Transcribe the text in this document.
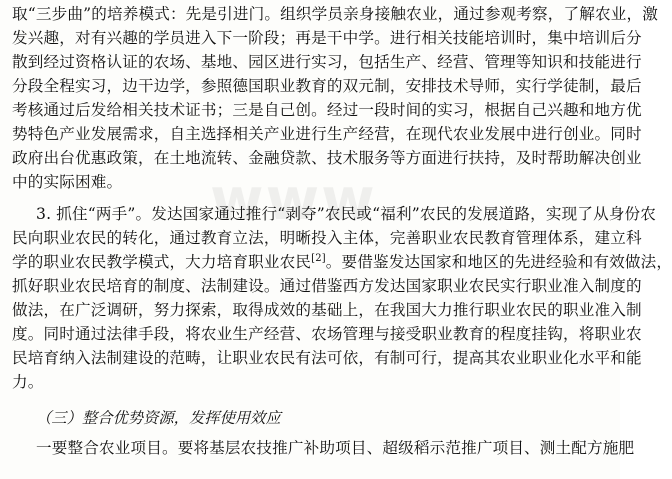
www
取“三步曲”的培养模式：先是引进门。组织学员亲身接触农业，通过参观考察，了解农业，激
发兴趣，对有兴趣的学员进入下一阶段；再是干中学。进行相关技能培训时，集中培训后分
散到经过资格认证的农场、基地、园区进行实习，包括生产、经营、管理等知识和技能进行
分段全程实习，边干边学，参照德国职业教育的双元制，安排技术导师，实行学徒制，最后
考核通过后发给相关技术证书；三是自己创。经过一段时间的实习，根据自己兴趣和地方优
势特色产业发展需求，自主选择相关产业进行生产经营，在现代农业发展中进行创业。同时
政府出台优惠政策，在土地流转、金融贷款、技术服务等方面进行扶持，及时帮助解决创业
中的实际困难。
3. 抓住“两手”。发达国家通过推行“剥夺”农民或“福利”农民的发展道路，实现了从身份农
民向职业农民的转化，通过教育立法，明晰投入主体，完善职业农民教育管理体系，建立科
学的职业农民教学模式，大力培育职业农民[2]。要借鉴发达国家和地区的先进经验和有效做法，
抓好职业农民培育的制度、法制建设。通过借鉴西方发达国家职业农民实行职业准入制度的
做法，在广泛调研，努力探索，取得成效的基础上，在我国大力推行职业农民的职业准入制
度。同时通过法律手段，将农业生产经营、农场管理与接受职业教育的程度挂钩，将职业农
民培育纳入法制建设的范畴，让职业农民有法可依，有制可行，提高其农业职业化水平和能
力。
（三）整合优势资源，发挥使用效应
一要整合农业项目。要将基层农技推广补助项目、超级稻示范推广项目、测土配方施肥
